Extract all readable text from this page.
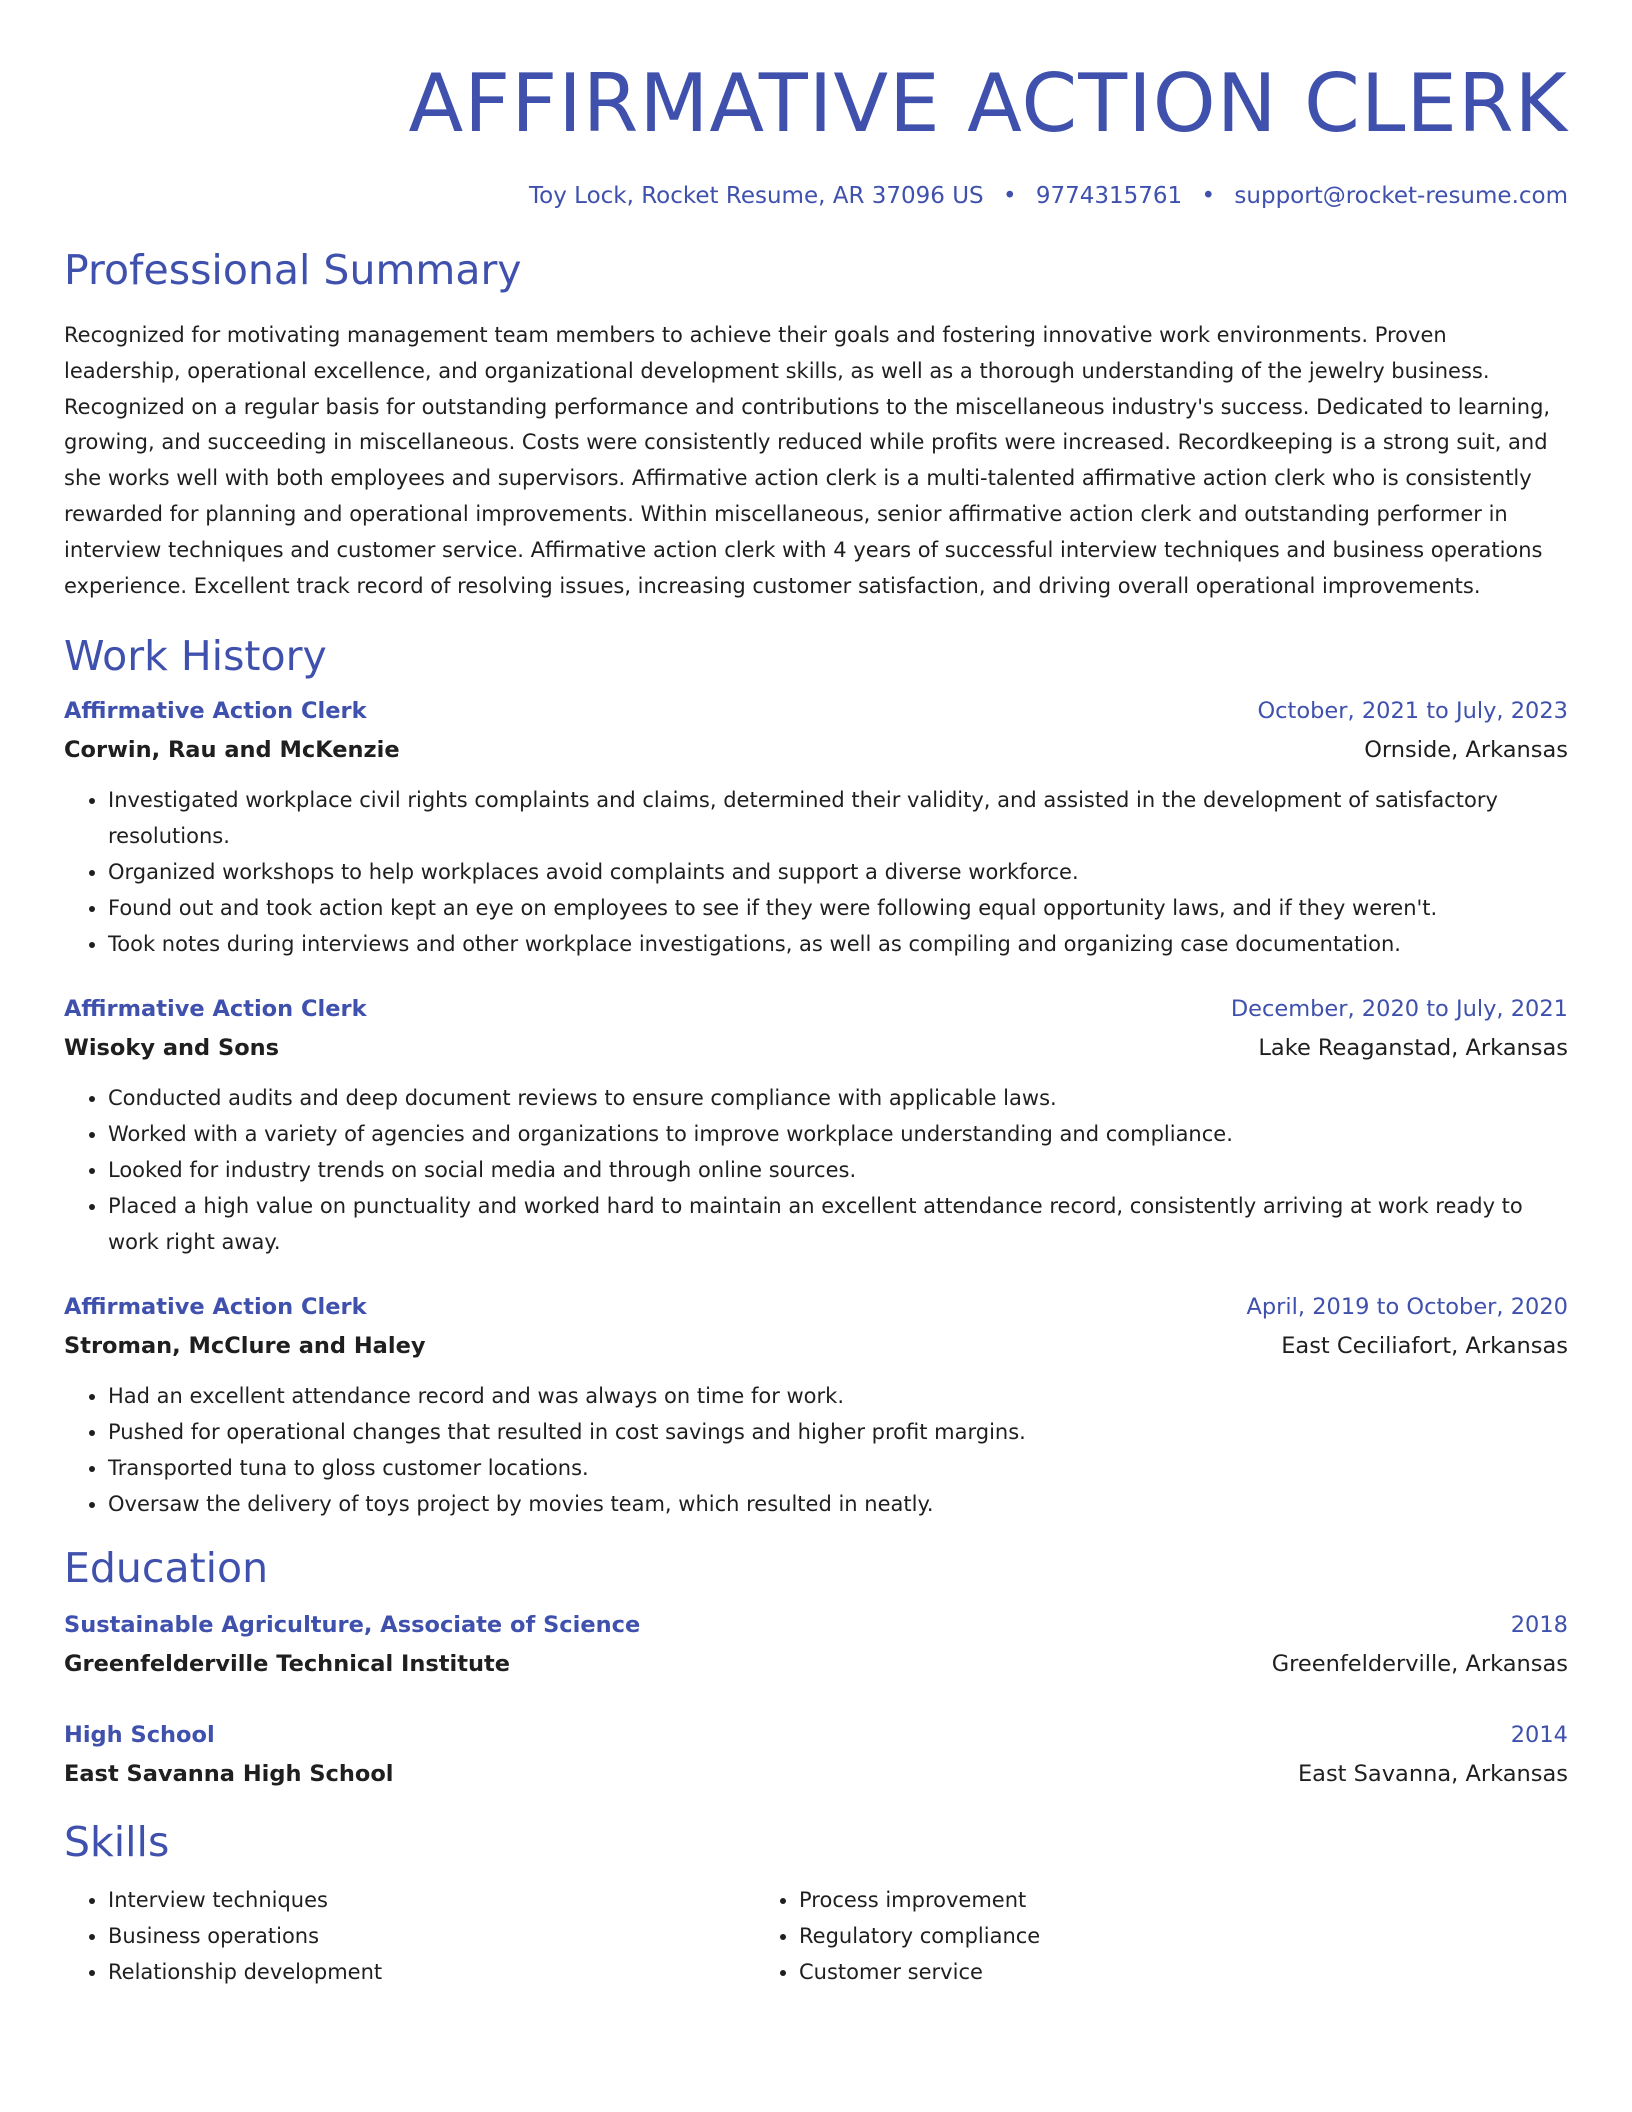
AFFIRMATIVE ACTION CLERK
Toy Lock, Rocket Resume, AR 37096 US • 9774315761 • support@rocket-resume.com
Professional Summary

Recognized for motivating management team members to achieve their goals and fostering innovative work environments. Proven leadership, operational excellence, and organizational development skills, as well as a thorough understanding of the jewelry business. Recognized on a regular basis for outstanding performance and contributions to the miscellaneous industry's success. Dedicated to learning, growing, and succeeding in miscellaneous. Costs were consistently reduced while profits were increased. Recordkeeping is a strong suit, and she works well with both employees and supervisors. Affirmative action clerk is a multi-talented affirmative action clerk who is consistently rewarded for planning and operational improvements. Within miscellaneous, senior affirmative action clerk and outstanding performer in interview techniques and customer service. Affirmative action clerk with 4 years of successful interview techniques and business operations experience. Excellent track record of resolving issues, increasing customer satisfaction, and driving overall operational improvements.

Work History
Affirmative Action Clerk	October, 2021 to July, 2023
Corwin, Rau and McKenzie	Ornside, Arkansas
• Investigated workplace civil rights complaints and claims, determined their validity, and assisted in the development of satisfactory resolutions.
• Organized workshops to help workplaces avoid complaints and support a diverse workforce.
• Found out and took action kept an eye on employees to see if they were following equal opportunity laws, and if they weren't.
• Took notes during interviews and other workplace investigations, as well as compiling and organizing case documentation.
Affirmative Action Clerk	December, 2020 to July, 2021
Wisoky and Sons	Lake Reaganstad, Arkansas
• Conducted audits and deep document reviews to ensure compliance with applicable laws.
• Worked with a variety of agencies and organizations to improve workplace understanding and compliance.
• Looked for industry trends on social media and through online sources.
• Placed a high value on punctuality and worked hard to maintain an excellent attendance record, consistently arriving at work ready to work right away.
Affirmative Action Clerk	April, 2019 to October, 2020
Stroman, McClure and Haley	East Ceciliafort, Arkansas
• Had an excellent attendance record and was always on time for work.
• Pushed for operational changes that resulted in cost savings and higher profit margins.
• Transported tuna to gloss customer locations.
• Oversaw the delivery of toys project by movies team, which resulted in neatly.
Education
Sustainable Agriculture, Associate of Science	2018
Greenfelderville Technical Institute	Greenfelderville, Arkansas
High School	2014
East Savanna High School	East Savanna, Arkansas
Skills
• Interview techniques
• Business operations
• Relationship development
• Process improvement
• Regulatory compliance
• Customer service
